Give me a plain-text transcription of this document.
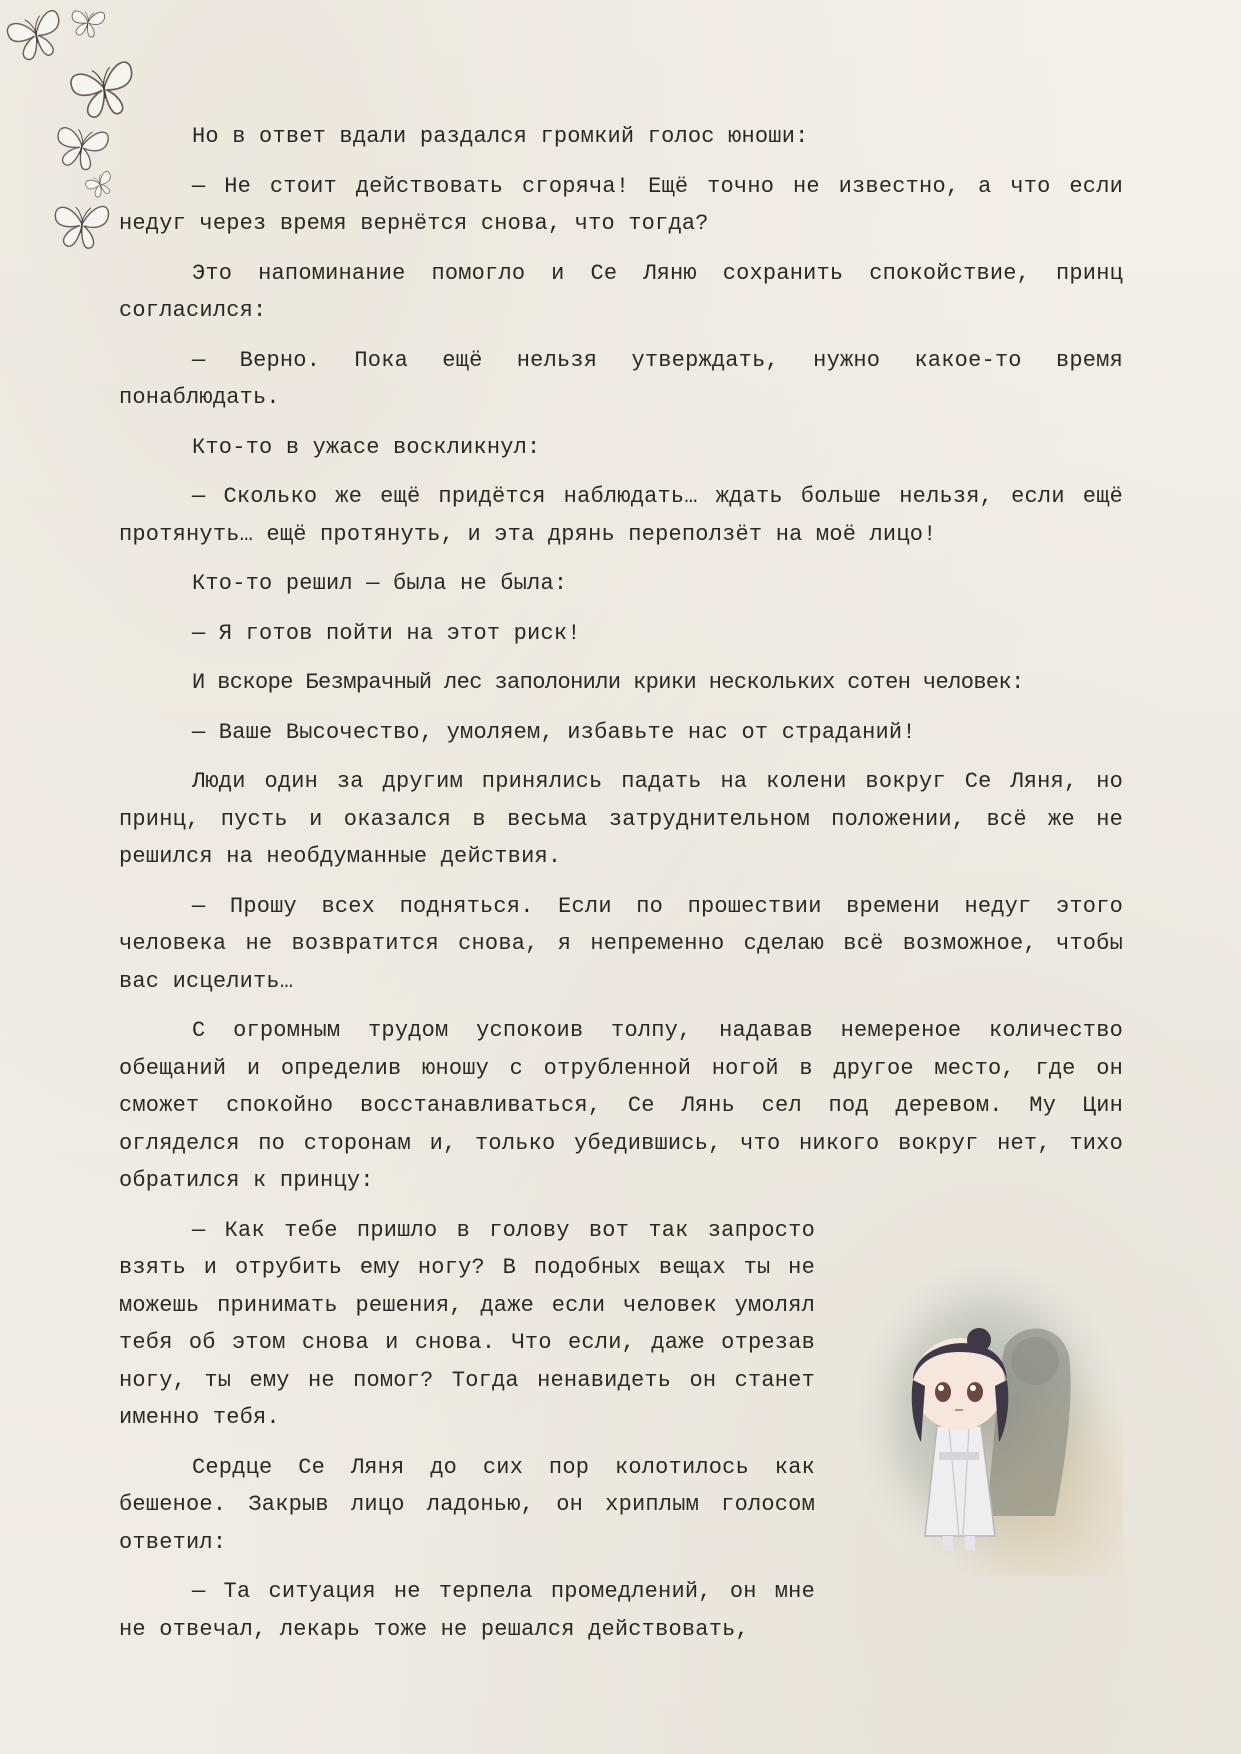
Но в ответ вдали раздался громкий голос юноши:

— Не стоит действовать сгоряча! Ещё точно не известно, а что если недуг через время вернётся снова, что тогда?

Это напоминание помогло и Се Ляню сохранить спокойствие, принц согласился:

— Верно. Пока ещё нельзя утверждать, нужно какое-то время понаблюдать.

Кто-то в ужасе воскликнул:

— Сколько же ещё придётся наблюдать… ждать больше нельзя, если ещё протянуть… ещё протянуть, и эта дрянь переползёт на моё лицо!

Кто-то решил — была не была:

— Я готов пойти на этот риск!

И вскоре Безмрачный лес заполонили крики нескольких сотен человек:

— Ваше Высочество, умоляем, избавьте нас от страданий!

Люди один за другим принялись падать на колени вокруг Се Ляня, но принц, пусть и оказался в весьма затруднительном положении, всё же не решился на необдуманные действия.

— Прошу всех подняться. Если по прошествии времени недуг этого человека не возвратится снова, я непременно сделаю всё возможное, чтобы вас исцелить…

С огромным трудом успокоив толпу, надавав немереное количество обещаний и определив юношу с отрубленной ногой в другое место, где он сможет спокойно восстанавливаться, Се Лянь сел под деревом. Му Цин огляделся по сторонам и, только убедившись, что никого вокруг нет, тихо обратился к принцу:

— Как тебе пришло в голову вот так запросто взять и отрубить ему ногу? В подобных вещах ты не можешь принимать решения, даже если человек умолял тебя об этом снова и снова. Что если, даже отрезав ногу, ты ему не помог? Тогда ненавидеть он станет именно тебя.

Сердце Се Ляня до сих пор колотилось как бешеное. Закрыв лицо ладонью, он хриплым голосом ответил:

— Та ситуация не терпела промедлений, он мне не отвечал, лекарь тоже не решался действовать,
